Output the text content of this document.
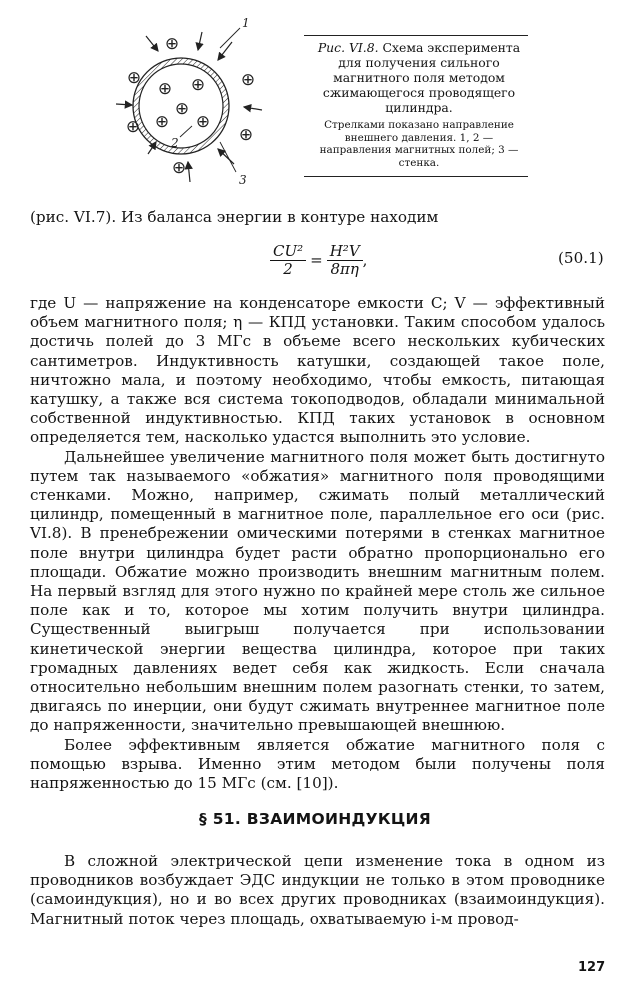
⊕ ⊕
⊕
⊕
⊕
⊕
⊕	⊕
⊕	⊕
⊕
1
2
3

Рис. VI.8. Схема эксперимента для получения сильного магнитного поля методом сжимающегося проводящего цилиндра.

Стрелками показано направление внешнего давления. 1, 2 — направления магнитных полей; 3 — стенка.

(рис. VI.7). Из баланса энергии в контуре находим

$\frac{\text{CU²}}{2} = \frac{\text{H²V}}{8\pi\eta}$ ,	(50.1)

где U — напряжение на конденсаторе емкости C; V — эффективный объем магнитного поля; η — КПД установки. Таким способом удалось достичь полей до 3 МГс в объеме всего нескольких кубических сантиметров. Индуктивность катушки, создающей такое поле, ничтожно мала, и поэтому необходимо, чтобы емкость, питающая катушку, а также вся система токоподводов, обладали минимальной собственной индуктивностью. КПД таких установок в основном определяется тем, насколько удастся выполнить это условие.

Дальнейшее увеличение магнитного поля может быть достигнуто путем так называемого «обжатия» магнитного поля проводящими стенками. Можно, например, сжимать полый металлический цилиндр, помещенный в магнитное поле, параллельное его оси (рис. VI.8). В пренебрежении омическими потерями в стенках магнитное поле внутри цилиндра будет расти обратно пропорционально его площади. Обжатие можно производить внешним магнитным полем. На первый взгляд для этого нужно по крайней мере столь же сильное поле как и то, которое мы хотим получить внутри цилиндра. Существенный выигрыш получается при использовании кинетической энергии вещества цилиндра, которое при таких громадных давлениях ведет себя как жидкость. Если сначала относительно небольшим внешним полем разогнать стенки, то затем, двигаясь по инерции, они будут сжимать внутреннее магнитное поле до напряженности, значительно превышающей внешнюю.

Более эффективным является обжатие магнитного поля с помощью взрыва. Именно этим методом были получены поля напряженностью до 15 МГс (см. [10]).

§ 51. ВЗАИМОИНДУКЦИЯ

В сложной электрической цепи изменение тока в одном из проводников возбуждает ЭДС индукции не только в этом проводнике (самоиндукция), но и во всех других проводниках (взаимоиндукция). Магнитный поток через площадь, охватываемую i-м провод-

127
